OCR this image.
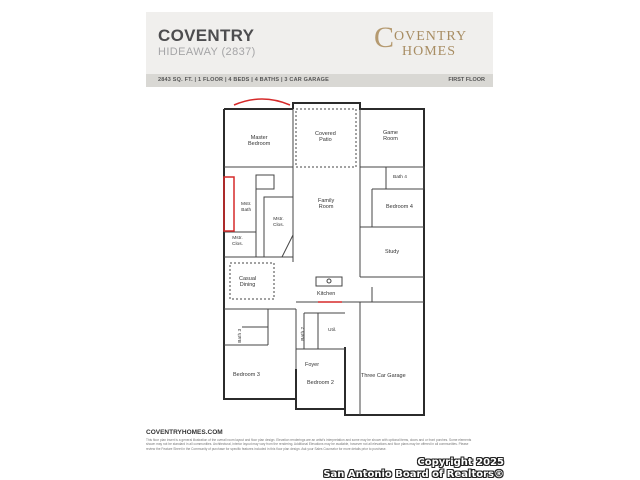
COVENTRY
HIDEAWAY (2837)	C OVENTRY
HOMES
2843 SQ. FT. | 1 FLOOR | 4 BEDS | 4 BATHS | 3 CAR GARAGE	FIRST FLOOR
Master
Bedroom
Covered
Patio
Game
Room
Mstr.
Bath
Mstr.
Clos.
Mstr.
Clos.
Family
Room
Bath 4
Bedroom 4
Study
Casual
Dining
Kitchen
Bath 3	Bath 2	Util.
Foyer
Bedroom 3
Bedroom 2
Three Car Garage
COVENTRYHOMES.COM
This floor plan insert is a general illustration of the overall room layout and floor plan design. Elevation renderings are an artist's interpretation and some may be shown with optional items, doors and or front porches. Some elements shown may not be standard in all communities. Architectural, interior layout may vary from the rendering. Additional Elevations may be available, however not all elevations and floor plans may be offered in all communities. Please review the Feature Sheet in the Community of purchase for specific features included in this floor plan design. Ask your Sales Counselor for more details prior to purchase.
Copyright 2025
San Antonio Board of Realtors®
